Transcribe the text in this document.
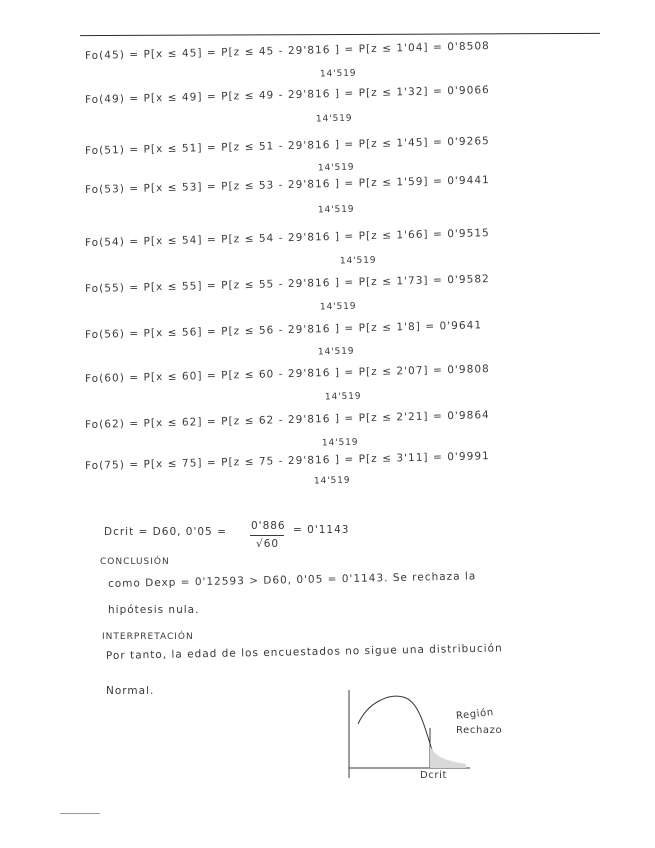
Fo(45) = P[x ≤ 45] = P[z ≤ 45 - 29'816 ] = P[z ≤ 1'04] = 0'8508
14'519
Fo(49) = P[x ≤ 49] = P[z ≤ 49 - 29'816 ] = P[z ≤ 1'32] = 0'9066
14'519
Fo(51) = P[x ≤ 51] = P[z ≤ 51 - 29'816 ] = P[z ≤ 1'45] = 0'9265
14'519
Fo(53) = P[x ≤ 53] = P[z ≤ 53 - 29'816 ] = P[z ≤ 1'59] = 0'9441
14'519
Fo(54) = P[x ≤ 54] = P[z ≤ 54 - 29'816 ] = P[z ≤ 1'66] = 0'9515
14'519
Fo(55) = P[x ≤ 55] = P[z ≤ 55 - 29'816 ] = P[z ≤ 1'73] = 0'9582
14'519
Fo(56) = P[x ≤ 56] = P[z ≤ 56 - 29'816 ] = P[z ≤ 1'8] = 0'9641
14'519
Fo(60) = P[x ≤ 60] = P[z ≤ 60 - 29'816 ] = P[z ≤ 2'07] = 0'9808
14'519
Fo(62) = P[x ≤ 62] = P[z ≤ 62 - 29'816 ] = P[z ≤ 2'21] = 0'9864
14'519
Fo(75) = P[x ≤ 75] = P[z ≤ 75 - 29'816 ] = P[z ≤ 3'11] = 0'9991
14'519
Dcrit = D60, 0'05 = 0'886
√60
= 0'1143
CONCLUSIÓN
como Dexp = 0'12593 > D60, 0'05 = 0'1143. Se rechaza la
hipótesis nula.
INTERPRETACIÓN
Por tanto, la edad de los encuestados no sigue una distribución
Normal.
Región
Rechazo
Dcrit
